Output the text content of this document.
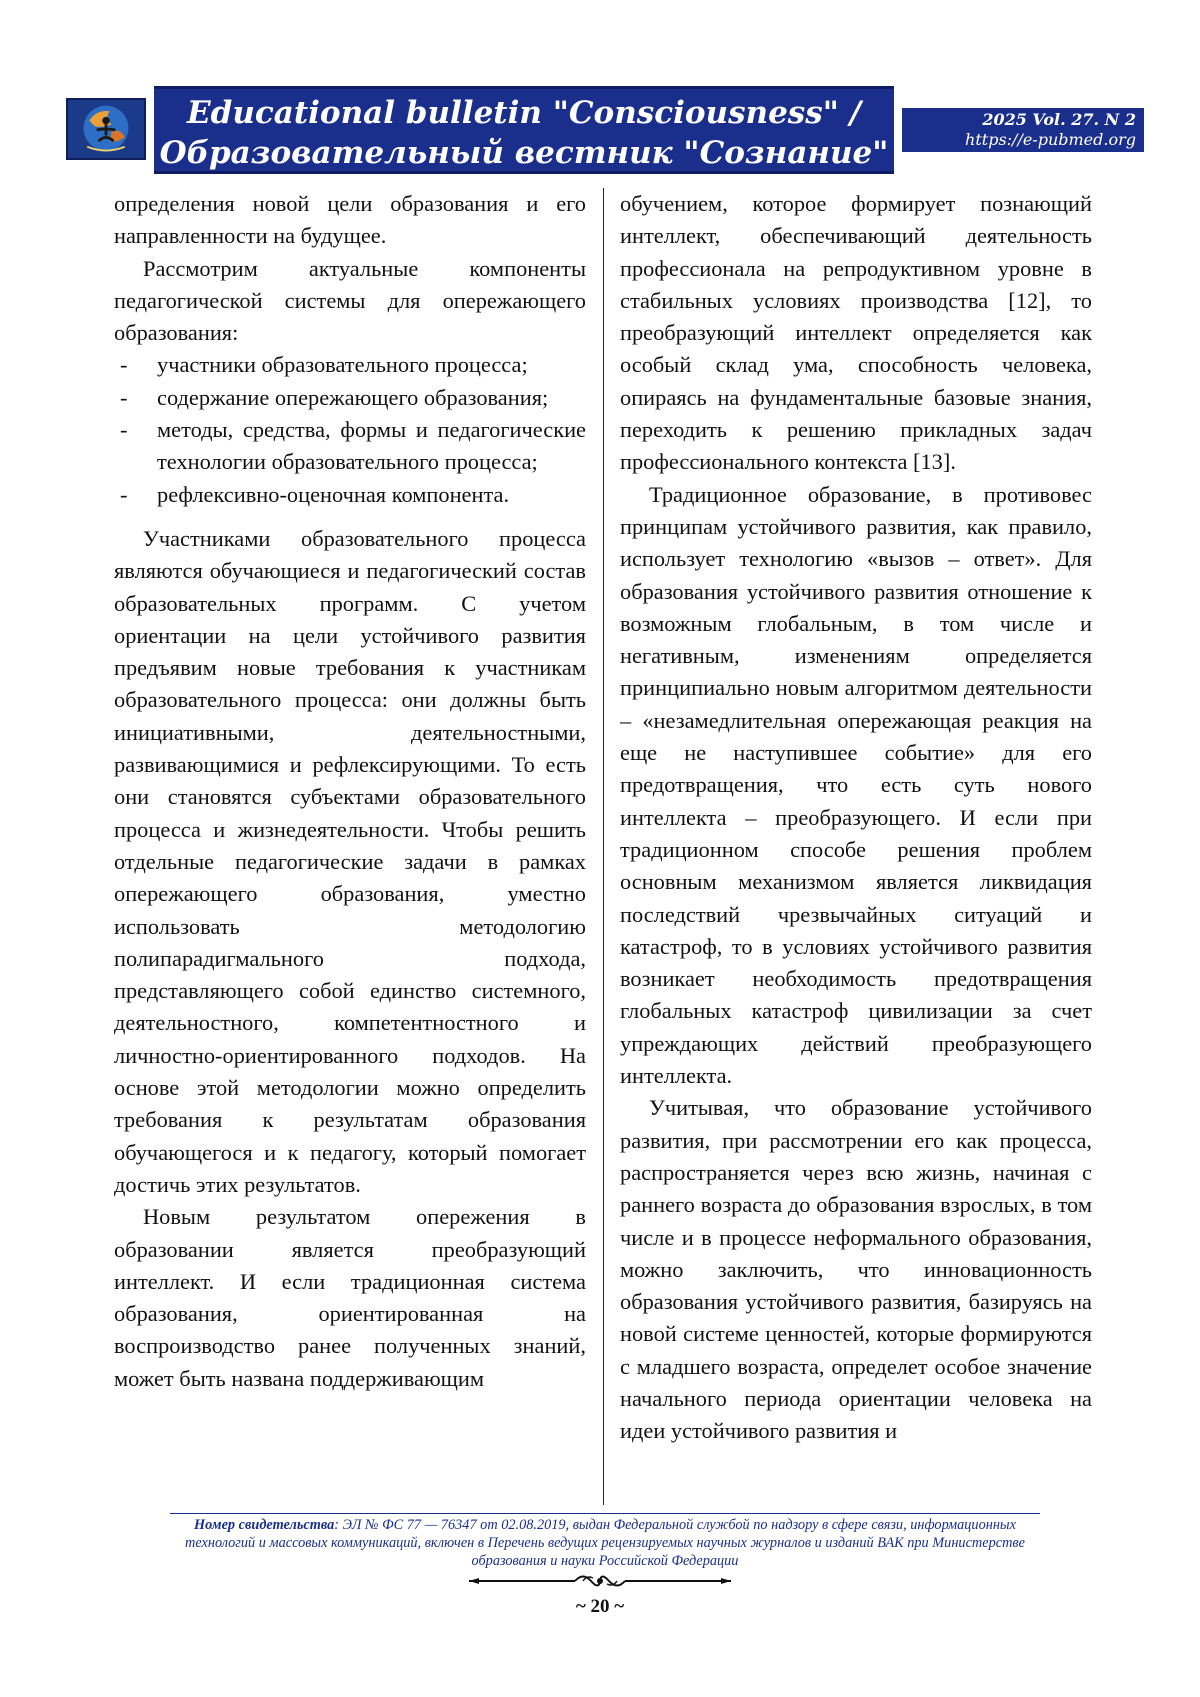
Educational bulletin "Consciousness" /
Образовательный вестник "Сознание"
2025 Vol. 27. N 2
https://e-pubmed.org

определения новой цели образования и его направленности на будущее.

Рассмотрим актуальные компоненты педагогической системы для опережающего образования:

- участники образовательного процесса;
- содержание опережающего образования;
- методы, средства, формы и педагогические технологии образовательного процесса;
- рефлексивно-оценочная компонента.

Участниками образовательного процесса являются обучающиеся и педагогический состав образовательных программ. С учетом ориентации на цели устойчивого развития предъявим новые требования к участникам образовательного процесса: они должны быть инициативными, деятельностными, развивающимися и рефлексирующими. То есть они становятся субъектами образовательного процесса и жизнедеятельности. Чтобы решить отдельные педагогические задачи в рамках опережающего образования, уместно использовать методологию полипарадигмального подхода, представляющего собой единство системного, деятельностного, компетентностного и личностно-ориентированного подходов. На основе этой методологии можно определить требования к результатам образования обучающегося и к педагогу, который помогает достичь этих результатов.

Новым результатом опережения в образовании является преобразующий интеллект. И если традиционная система образования, ориентированная на воспроизводство ранее полученных знаний, может быть названа поддерживающим

обучением, которое формирует познающий интеллект, обеспечивающий деятельность профессионала на репродуктивном уровне в стабильных условиях производства [12], то преобразующий интеллект определяется как особый склад ума, способность человека, опираясь на фундаментальные базовые знания, переходить к решению прикладных задач профессионального контекста [13].

Традиционное образование, в противовес принципам устойчивого развития, как правило, использует технологию «вызов – ответ». Для образования устойчивого развития отношение к возможным глобальным, в том числе и негативным, изменениям определяется принципиально новым алгоритмом деятельности – «незамедлительная опережающая реакция на еще не наступившее событие» для его предотвращения, что есть суть нового интеллекта – преобразующего. И если при традиционном способе решения проблем основным механизмом является ликвидация последствий чрезвычайных ситуаций и катастроф, то в условиях устойчивого развития возникает необходимость предотвращения глобальных катастроф цивилизации за счет упреждающих действий преобразующего интеллекта.

Учитывая, что образование устойчивого развития, при рассмотрении его как процесса, распространяется через всю жизнь, начиная с раннего возраста до образования взрослых, в том числе и в процессе неформального образования, можно заключить, что инновационность образования устойчивого развития, базируясь на новой системе ценностей, которые формируются с младшего возраста, определет особое значение начального периода ориентации человека на идеи устойчивого развития и

Номер свидетельства: ЭЛ № ФС 77 — 76347 от 02.08.2019, выдан Федеральной службой по надзору в сфере связи, информационных технологий и массовых коммуникаций, включен в Перечень ведущих рецензируемых научных журналов и изданий ВАК при Министерстве образования и науки Российской Федерации
~ 20 ~
